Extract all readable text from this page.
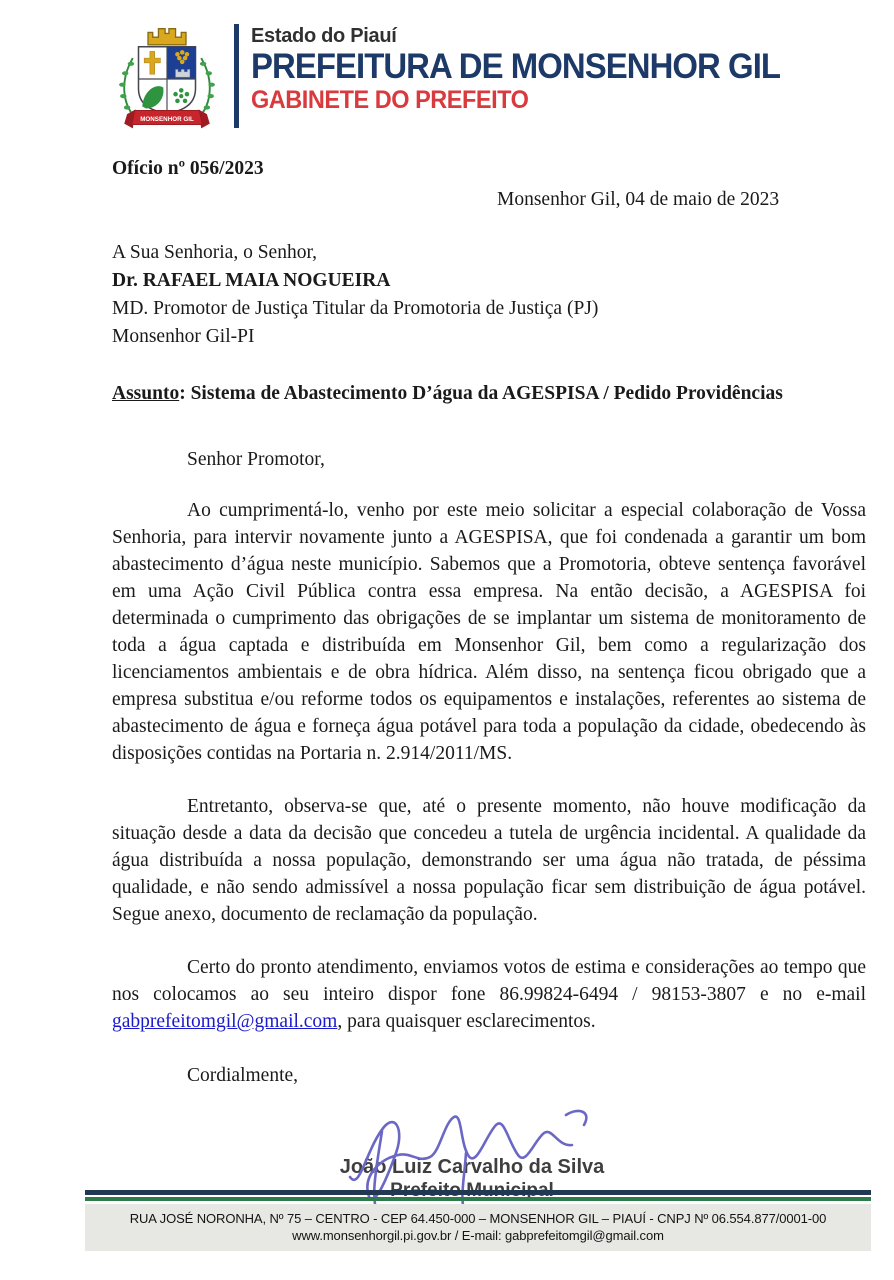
MONSENHOR GIL
Estado do Piauí
PREFEITURA DE MONSENHOR GIL
GABINETE DO PREFEITO
Ofício nº 056/2023
Monsenhor Gil, 04 de maio de 2023
A Sua Senhoria, o Senhor,
Dr. RAFAEL MAIA NOGUEIRA
MD. Promotor de Justiça Titular da Promotoria de Justiça (PJ)
Monsenhor Gil-PI
Assunto: Sistema de Abastecimento D’água da AGESPISA / Pedido Providências

Senhor Promotor,

Ao cumprimentá-lo, venho por este meio solicitar a especial colaboração de Vossa Senhoria, para intervir novamente junto a AGESPISA, que foi condenada a garantir um bom abastecimento d’água neste município. Sabemos que a Promotoria, obteve sentença favorável em uma Ação Civil Pública contra essa empresa. Na então decisão, a AGESPISA foi determinada o cumprimento das obrigações de se implantar um sistema de monitoramento de toda a água captada e distribuída em Monsenhor Gil, bem como a regularização dos licenciamentos ambientais e de obra hídrica. Além disso, na sentença ficou obrigado que a empresa substitua e/ou reforme todos os equipamentos e instalações, referentes ao sistema de abastecimento de água e forneça água potável para toda a população da cidade, obedecendo às disposições contidas na Portaria n. 2.914/2011/MS.

Entretanto, observa-se que, até o presente momento, não houve modificação da situação desde a data da decisão que concedeu a tutela de urgência incidental. A qualidade da água distribuída a nossa população, demonstrando ser uma água não tratada, de péssima qualidade, e não sendo admissível a nossa população ficar sem distribuição de água potável. Segue anexo, documento de reclamação da população.

Certo do pronto atendimento, enviamos votos de estima e considerações ao tempo que nos colocamos ao seu inteiro dispor fone 86.99824-6494 / 98153-3807 e no e-mail gabprefeitomgil@gmail.com, para quaisquer esclarecimentos.

Cordialmente,

João Luiz Carvalho da Silva
RUA JOSÉ NORONHA, Nº 75 – CENTRO - CEP 64.450-000 – MONSENHOR GIL – PIAUÍ - CNPJ Nº 06.554.877/0001-00
www.monsenhorgil.pi.gov.br / E-mail: gabprefeitomgil@gmail.com
